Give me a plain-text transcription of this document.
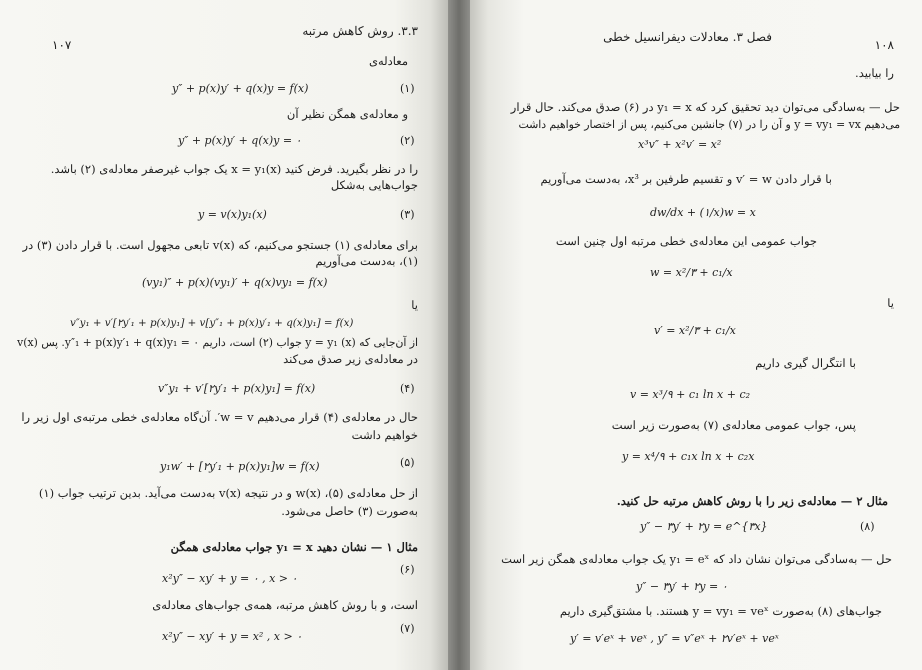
۱۰۷
۳.۳. روش کاهش مرتبه
معادله‌ی
y″ + p(x)y′ + q(x)y = f(x)	(۱)
و معادله‌ی همگن نظیر آن
y″ + p(x)y′ + q(x)y = ۰	(۲)
را در نظر بگیرید. فرض کنید x = y₁(x) یک جواب غیرصفر معادله‌ی (۲) باشد.
جواب‌هایی به‌شکل
y = v(x)y₁(x)	(۳)
برای معادله‌ی (۱) جستجو می‌کنیم، که v(x) تابعی مجهول است. با قرار دادن (۳) در
(۱)، به‌دست می‌آوریم
(vy₁)″ + p(x)(vy₁)′ + q(x)vy₁ = f(x)
یا
v″y₁ + v′[۲y′₁ + p(x)y₁] + v[y″₁ + p(x)y′₁ + q(x)y₁] = f(x)
از آن‌جایی که (x) y = y₁ جواب (۲) است، داریم ۰ = y″₁ + p(x)y′₁ + q(x)y₁. پس v(x)
در معادله‌ی زیر صدق می‌کند
v″y₁ + v′[۲y′₁ + p(x)y₁] = f(x)	(۴)
حال در معادله‌ی (۴) قرار می‌دهیم w = v′. آن‌گاه معادله‌ی خطی مرتبه‌ی اول زیر را
خواهیم داشت
y₁w′ + [۲y′₁ + p(x)y₁]w = f(x)	(۵)
از حل معادله‌ی (۵)، (x)w و در نتیجه v(x) به‌دست می‌آید. بدین ترتیب جواب (۱)
به‌صورت (۳) حاصل می‌شود.
مثال ۱ — نشان دهید y₁ = x جواب معادله‌ی همگن
x²y″ − xy′ + y = ۰ , x > ۰
(۶)
است، و با روش کاهش مرتبه، همه‌ی جواب‌های معادله‌ی
x²y″ − xy′ + y = x² , x > ۰
(۷)
۱۰۸
فصل ۳. معادلات دیفرانسیل خطی
را بیابید.
حل — به‌سادگی می‌توان دید تحقیق کرد که y₁ = x در (۶) صدق می‌کند. حال قرار
می‌دهیم y = vy₁ = vx و آن را در (۷) جانشین می‌کنیم، پس از اختصار خواهیم داشت
x³v″ + x²v′ = x²
با قرار دادن v′ = w و تقسیم طرفین بر x³، به‌دست می‌آوریم
dw/dx + (۱/x)w = x
جواب عمومی این معادله‌ی خطی مرتبه اول چنین است
w = x²/۳ + c₁/x
یا
v′ = x²/۳ + c₁/x
با انتگرال گیری داریم
v = x³/۹ + c₁ ln x + c₂
پس، جواب عمومی معادله‌ی (۷) به‌صورت زیر است
y = x⁴/۹ + c₁x ln x + c₂x
مثال ۲ — معادله‌ی زیر را با روش کاهش مرتبه حل کنید.
y″ − ۳y′ + ۲y = e^{۳x}	(۸)
حل — به‌سادگی می‌توان نشان داد که y₁ = eˣ یک جواب معادله‌ی همگن زیر است
y″ − ۳y′ + ۲y = ۰
جواب‌های (۸) به‌صورت y = vy₁ = veˣ هستند. با مشتق‌گیری داریم
y′ = v′eˣ + veˣ , y″ = v″eˣ + ۲v′eˣ + veˣ
